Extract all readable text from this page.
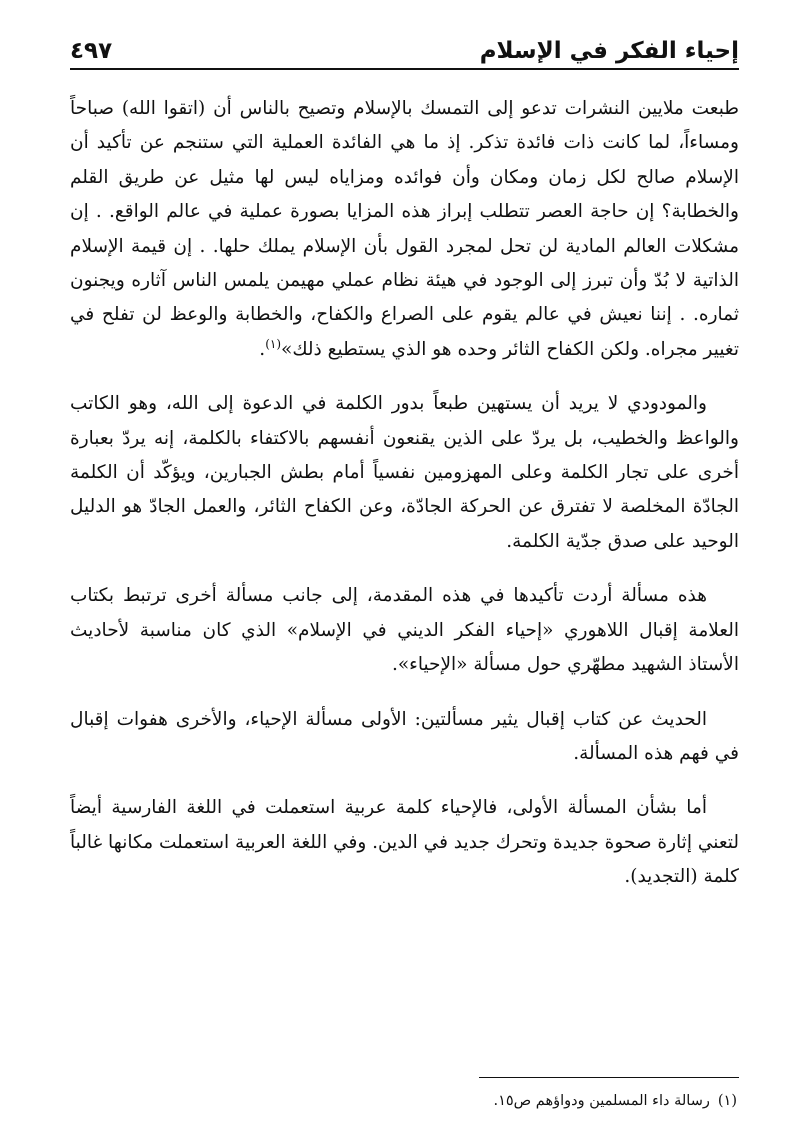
إحياء الفكر في الإسلام
٤٩٧

طبعت ملايين النشرات تدعو إلى التمسك بالإسلام وتصيح بالناس أن (اتقوا الله) صباحاً ومساءاً، لما كانت ذات فائدة تذكر. إذ ما هي الفائدة العملية التي ستنجم عن تأكيد أن الإسلام صالح لكل زمان ومكان وأن فوائده ومزاياه ليس لها مثيل عن طريق القلم والخطابة؟ إن حاجة العصر تتطلب إبراز هذه المزايا بصورة عملية في عالم الواقع. . إن مشكلات العالم المادية لن تحل لمجرد القول بأن الإسلام يملك حلها. . إن قيمة الإسلام الذاتية لا بُدّ وأن تبرز إلى الوجود في هيئة نظام عملي مهيمن يلمس الناس آثاره ويجنون ثماره. . إننا نعيش في عالم يقوم على الصراع والكفاح، والخطابة والوعظ لن تفلح في تغيير مجراه. ولكن الكفاح الثائر وحده هو الذي يستطيع ذلك»$^{(١)}$.

والمودودي لا يريد أن يستهين طبعاً بدور الكلمة في الدعوة إلى الله، وهو الكاتب والواعظ والخطيب، بل يردّ على الذين يقنعون أنفسهم بالاكتفاء بالكلمة، إنه يردّ بعبارة أخرى على تجار الكلمة وعلى المهزومين نفسياً أمام بطش الجبارين، ويؤكّد أن الكلمة الجادّة المخلصة لا تفترق عن الحركة الجادّة، وعن الكفاح الثائر، والعمل الجادّ هو الدليل الوحيد على صدق جدّية الكلمة.

هذه مسألة أردت تأكيدها في هذه المقدمة، إلى جانب مسألة أخرى ترتبط بكتاب العلامة إقبال اللاهوري «إحياء الفكر الديني في الإسلام» الذي كان مناسبة لأحاديث الأستاذ الشهيد مطهّري حول مسألة «الإحياء».

الحديث عن كتاب إقبال يثير مسألتين: الأولى مسألة الإحياء، والأخرى هفوات إقبال في فهم هذه المسألة.

أما بشأن المسألة الأولى، فالإحياء كلمة عربية استعملت في اللغة الفارسية أيضاً لتعني إثارة صحوة جديدة وتحرك جديد في الدين. وفي اللغة العربية استعملت مكانها غالباً كلمة (التجديد).

(١)رسالة داء المسلمين ودواؤهم ص١٥.
